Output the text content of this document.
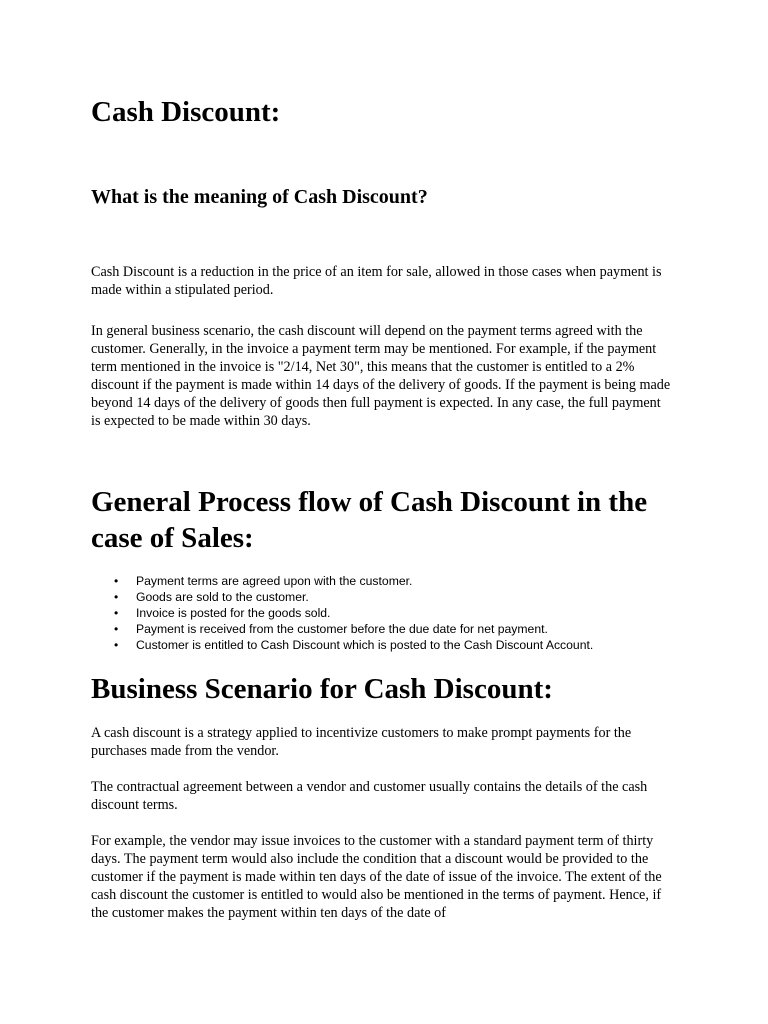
Cash Discount:
What is the meaning of Cash Discount?

Cash Discount is a reduction in the price of an item for sale, allowed in those cases when payment is made within a stipulated period.

In general business scenario, the cash discount will depend on the payment terms agreed with the customer. Generally, in the invoice a payment term may be mentioned. For example, if the payment term mentioned in the invoice is "2/14, Net 30", this means that the customer is entitled to a 2% discount if the payment is made within 14 days of the delivery of goods. If the payment is being made beyond 14 days of the delivery of goods then full payment is expected. In any case, the full payment is expected to be made within 30 days.

General Process flow of Cash Discount in the case of Sales:
• Payment terms are agreed upon with the customer.
• Goods are sold to the customer.
• Invoice is posted for the goods sold.
• Payment is received from the customer before the due date for net payment.
• Customer is entitled to Cash Discount which is posted to the Cash Discount Account.
Business Scenario for Cash Discount:

A cash discount is a strategy applied to incentivize customers to make prompt payments for the purchases made from the vendor.

The contractual agreement between a vendor and customer usually contains the details of the cash discount terms.

For example, the vendor may issue invoices to the customer with a standard payment term of thirty days. The payment term would also include the condition that a discount would be provided to the customer if the payment is made within ten days of the date of issue of the invoice. The extent of the cash discount the customer is entitled to would also be mentioned in the terms of payment. Hence, if the customer makes the payment within ten days of the date of
